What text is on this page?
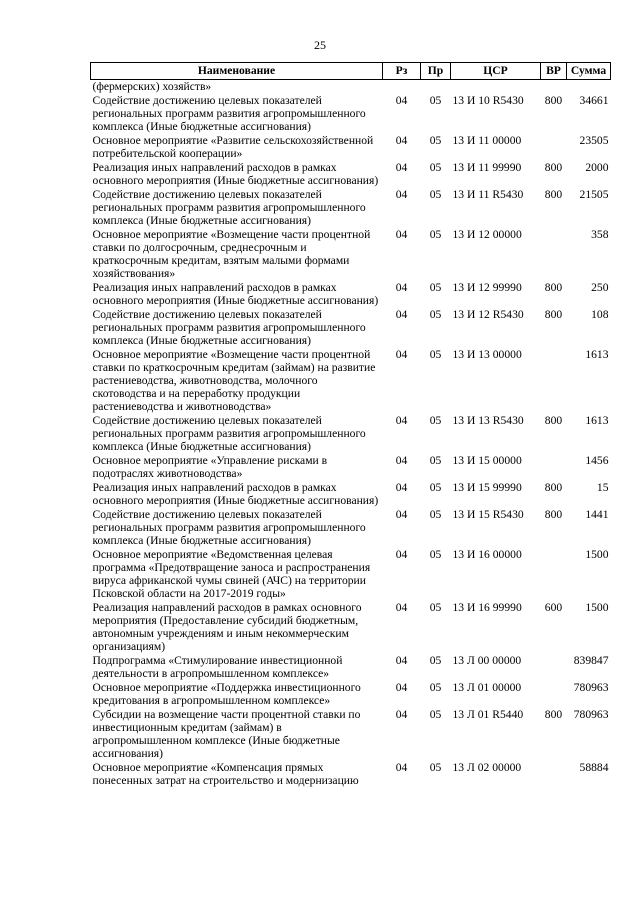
25
Наименование	Рз	Пр	ЦСР	ВР	Сумма
(фермерских) хозяйств»					
Содействие достижению целевых показателей региональных программ развития агропромышленного комплекса (Иные бюджетные ассигнования)	04	05	13 И 10 R5430	800	34661
Основное мероприятие «Развитие сельскохозяйственной потребительской кооперации»	04	05	13 И 11 00000		23505
Реализация иных направлений расходов в рамках основного мероприятия (Иные бюджетные ассигнования)	04	05	13 И 11 99990	800	2000
Содействие достижению целевых показателей региональных программ развития агропромышленного комплекса (Иные бюджетные ассигнования)	04	05	13 И 11 R5430	800	21505
Основное мероприятие «Возмещение части процентной ставки по долгосрочным, среднесрочным и краткосрочным кредитам, взятым малыми формами хозяйствования»	04	05	13 И 12 00000		358
Реализация иных направлений расходов в рамках основного мероприятия (Иные бюджетные ассигнования)	04	05	13 И 12 99990	800	250
Содействие достижению целевых показателей региональных программ развития агропромышленного комплекса (Иные бюджетные ассигнования)	04	05	13 И 12 R5430	800	108
Основное мероприятие «Возмещение части процентной ставки по краткосрочным кредитам (займам) на развитие растениеводства, животноводства, молочного скотоводства и на переработку продукции растениеводства и животноводства»	04	05	13 И 13 00000		1613
Содействие достижению целевых показателей региональных программ развития агропромышленного комплекса (Иные бюджетные ассигнования)	04	05	13 И 13 R5430	800	1613
Основное мероприятие «Управление рисками в подотраслях животноводства»	04	05	13 И 15 00000		1456
Реализация иных направлений расходов в рамках основного мероприятия (Иные бюджетные ассигнования)	04	05	13 И 15 99990	800	15
Содействие достижению целевых показателей региональных программ развития агропромышленного комплекса (Иные бюджетные ассигнования)	04	05	13 И 15 R5430	800	1441
Основное мероприятие «Ведомственная целевая программа «Предотвращение заноса и распространения вируса африканской чумы свиней (АЧС) на территории Псковской области на 2017-2019 годы»	04	05	13 И 16 00000		1500
Реализация направлений расходов в рамках основного мероприятия (Предоставление субсидий бюджетным, автономным учреждениям и иным некоммерческим организациям)	04	05	13 И 16 99990	600	1500
Подпрограмма «Стимулирование инвестиционной деятельности в агропромышленном комплексе»	04	05	13 Л 00 00000		839847
Основное мероприятие «Поддержка инвестиционного кредитования в агропромышленном комплексе»	04	05	13 Л 01 00000		780963
Субсидии на возмещение части процентной ставки по инвестиционным кредитам (займам) в агропромышленном комплексе (Иные бюджетные ассигнования)	04	05	13 Л 01 R5440	800	780963
Основное мероприятие «Компенсация прямых понесенных затрат на строительство и модернизацию	04	05	13 Л 02 00000		58884
